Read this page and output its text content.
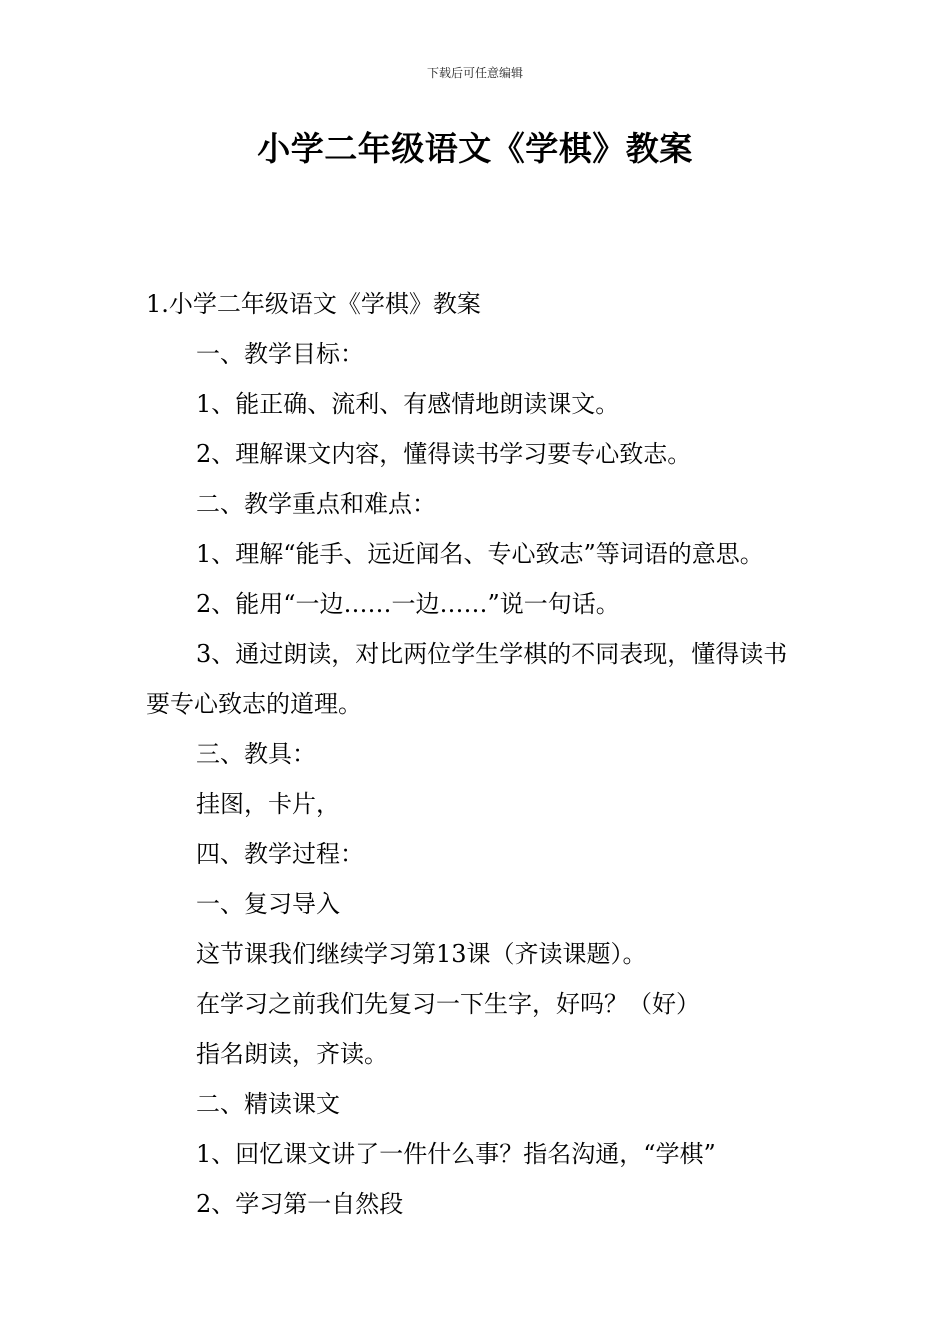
下载后可任意编辑
小学二年级语文《学棋》教案

1.小学二年级语文《学棋》教案

一、教学目标：

1、能正确、流利、有感情地朗读课文。

2、理解课文内容，懂得读书学习要专心致志。

二、教学重点和难点：

1、理解“能手、远近闻名、专心致志”等词语的意思。

2、能用“一边……一边……”说一句话。

3、通过朗读，对比两位学生学棋的不同表现，懂得读书要专心致志的道理。

三、教具：

挂图，卡片，

四、教学过程：

一、复习导入

这节课我们继续学习第13课（齐读课题）。

在学习之前我们先复习一下生字，好吗？（好）

指名朗读，齐读。

二、精读课文

1、回忆课文讲了一件什么事？指名沟通，“学棋”

2、学习第一自然段
